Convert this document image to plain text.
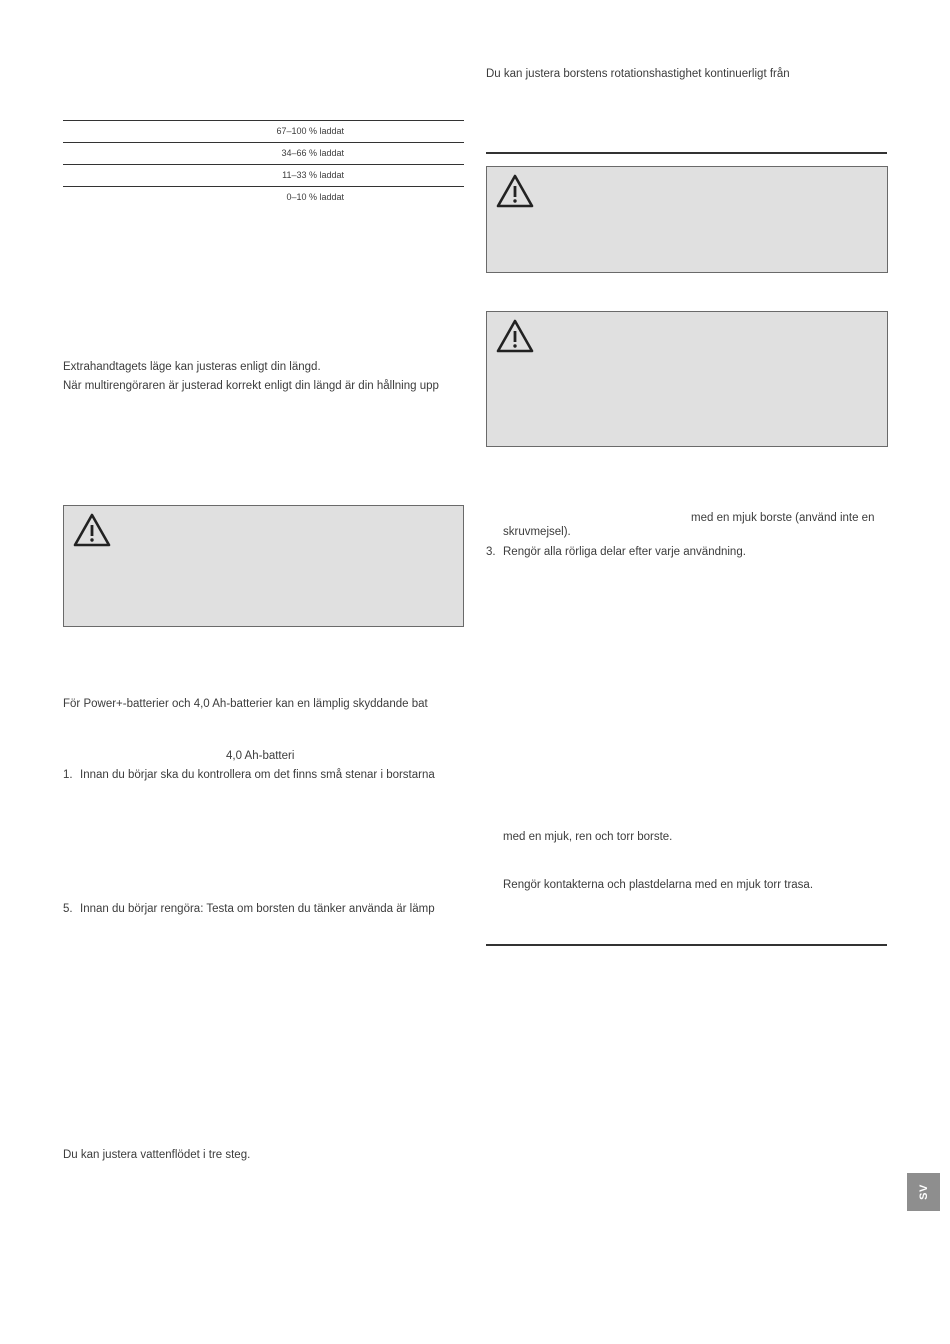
67–100 % laddat
34–66 % laddat
11–33 % laddat
0–10 % laddat
Extrahandtagets läge kan justeras enligt din längd.
När multirengöraren är justerad korrekt enligt din längd är din hållning upp
För Power+-batterier och 4,0 Ah-batterier kan en lämplig skyddande bat
4,0 Ah-batteri
1. Innan du börjar ska du kontrollera om det finns små stenar i borstarna
5. Innan du börjar rengöra: Testa om borsten du tänker använda är lämp
Du kan justera vattenflödet i tre steg.
Du kan justera borstens rotationshastighet kontinuerligt från
med en mjuk borste (använd inte en
skruvmejsel).
3. Rengör alla rörliga delar efter varje användning.
med en mjuk, ren och torr borste.
Rengör kontakterna och plastdelarna med en mjuk torr trasa.
SV
